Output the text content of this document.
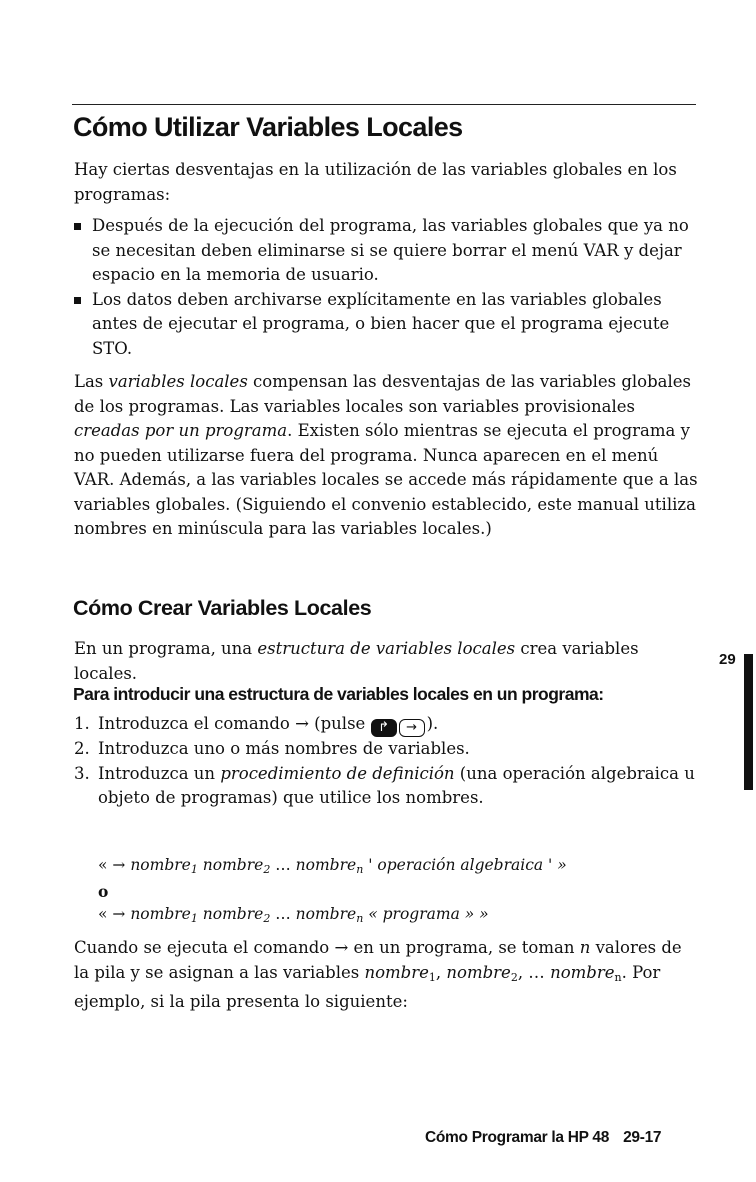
Cómo Utilizar Variables Locales

Hay ciertas desventajas en la utilización de las variables globales en los programas:

Después de la ejecución del programa, las variables globales que ya no se necesitan deben eliminarse si se quiere borrar el menú VAR y dejar espacio en la memoria de usuario.
Los datos deben archivarse explícitamente en las variables globales antes de ejecutar el programa, o bien hacer que el programa ejecute STO.

Las variables locales compensan las desventajas de las variables globales de los programas. Las variables locales son variables provisionales creadas por un programa. Existen sólo mientras se ejecuta el programa y no pueden utilizarse fuera del programa. Nunca aparecen en el menú VAR. Además, a las variables locales se accede más rápidamente que a las variables globales. (Siguiendo el convenio establecido, este manual utiliza nombres en minúscula para las variables locales.)

Cómo Crear Variables Locales

En un programa, una estructura de variables locales crea variables locales.

Para introducir una estructura de variables locales en un programa:
1. Introduzca el comando → (pulse ↱ → ).
2. Introduzca uno o más nombres de variables.
3. Introduzca un procedimiento de definición (una operación algebraica u objeto de programas) que utilice los nombres.
« → nombre$_1$ nombre$_2$ … nombre$_n$ ' operación algebraica ' »
o
« → nombre$_1$ nombre$_2$ … nombre$_n$ « programa » »

Cuando se ejecuta el comando → en un programa, se toman n valores de la pila y se asignan a las variables nombre$_1$, nombre$_2$, … nombre$_n$. Por ejemplo, si la pila presenta lo siguiente:

29
Cómo Programar la HP 48 29-17
